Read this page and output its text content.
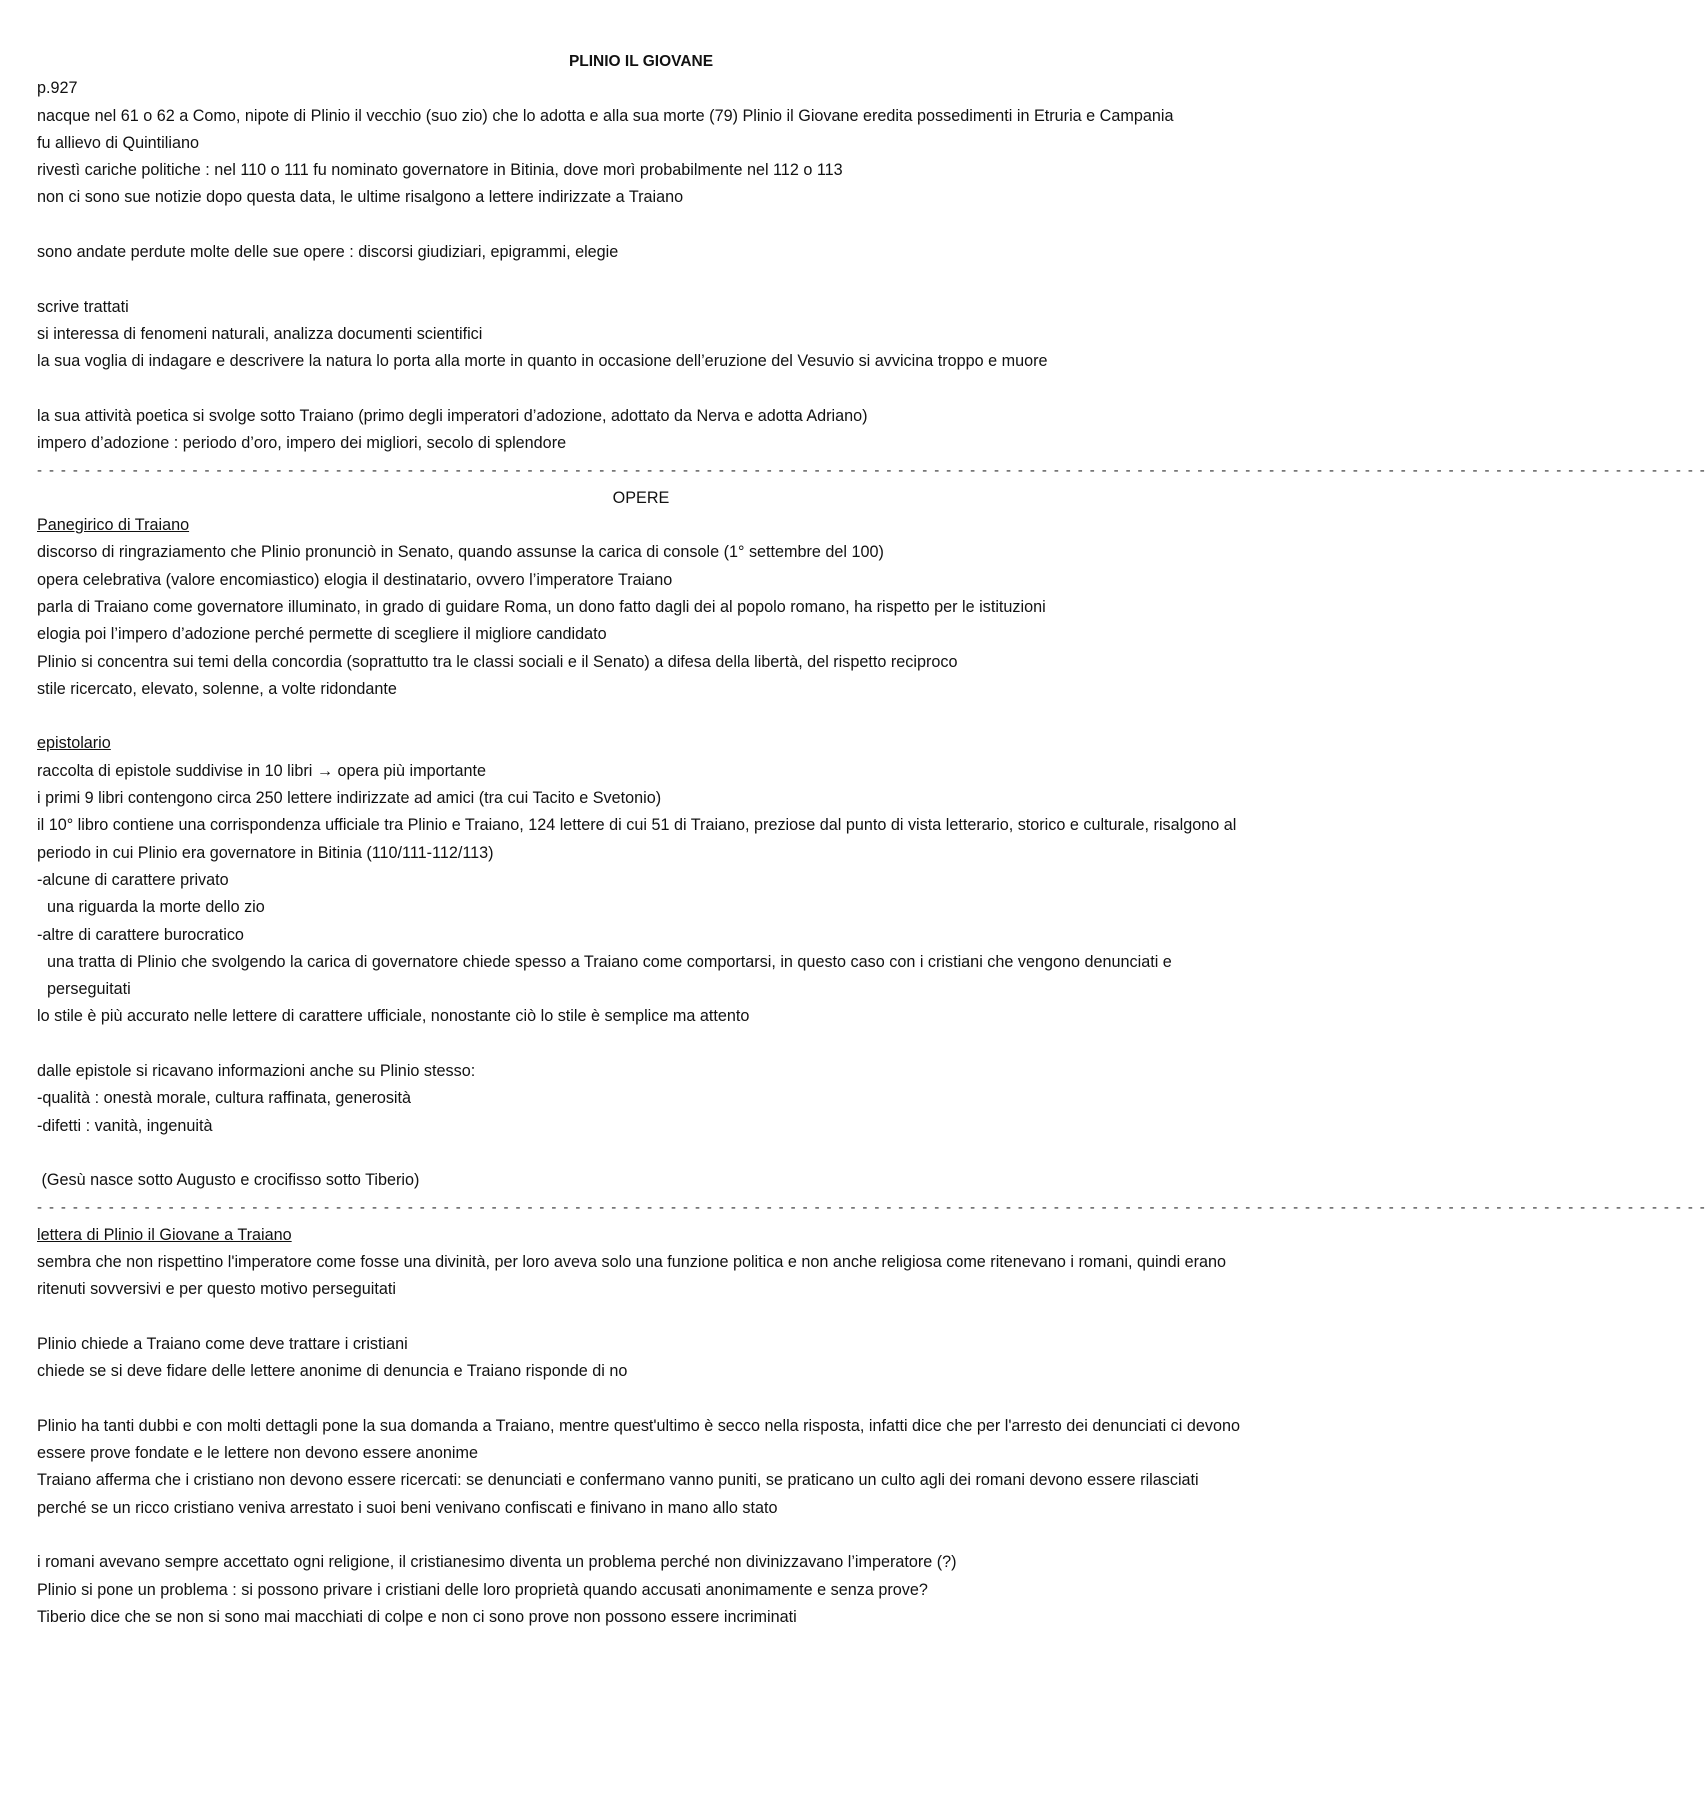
PLINIO IL GIOVANE

p.927

nacque nel 61 o 62 a Como, nipote di Plinio il vecchio (suo zio) che lo adotta e alla sua morte (79) Plinio il Giovane eredita possedimenti in Etruria e Campania

fu allievo di Quintiliano

rivestì cariche politiche : nel 110 o 111 fu nominato governatore in Bitinia, dove morì probabilmente nel 112 o 113

non ci sono sue notizie dopo questa data, le ultime risalgono a lettere indirizzate a Traiano

sono andate perdute molte delle sue opere : discorsi giudiziari, epigrammi, elegie

scrive trattati

si interessa di fenomeni naturali, analizza documenti scientifici

la sua voglia di indagare e descrivere la natura lo porta alla morte in quanto in occasione dell’eruzione del Vesuvio si avvicina troppo e muore

la sua attività poetica si svolge sotto Traiano (primo degli imperatori d’adozione, adottato da Nerva e adotta Adriano)

impero d’adozione : periodo d’oro, impero dei migliori, secolo di splendore

- - - - - - - - - - - - - - - - - - - - - - - - - - - - - - - - - - - - - - - - - - - - - - - - - - - - - - - - - - - - - - - - - - - - - - - - - - - - - - - - - - - - - - - - - - - - - - - - - - - - - - - - - - - - - - - - - - - - - - - - - - - - - - - - - - - - - - - - - - - -

OPERE

Panegirico di Traiano

discorso di ringraziamento che Plinio pronunciò in Senato, quando assunse la carica di console (1° settembre del 100)

opera celebrativa (valore encomiastico) elogia il destinatario, ovvero l’imperatore Traiano

parla di Traiano come governatore illuminato, in grado di guidare Roma, un dono fatto dagli dei al popolo romano, ha rispetto per le istituzioni

elogia poi l’impero d’adozione perché permette di scegliere il migliore candidato

Plinio si concentra sui temi della concordia (soprattutto tra le classi sociali e il Senato) a difesa della libertà, del rispetto reciproco

stile ricercato, elevato, solenne, a volte ridondante

epistolario

raccolta di epistole suddivise in 10 libri → opera più importante

i primi 9 libri contengono circa 250 lettere indirizzate ad amici (tra cui Tacito e Svetonio)

il 10° libro contiene una corrispondenza ufficiale tra Plinio e Traiano, 124 lettere di cui 51 di Traiano, preziose dal punto di vista letterario, storico e culturale, risalgono al periodo in cui Plinio era governatore in Bitinia (110/111-112/113)

-alcune di carattere privato

una riguarda la morte dello zio

-altre di carattere burocratico

una tratta di Plinio che svolgendo la carica di governatore chiede spesso a Traiano come comportarsi, in questo caso con i cristiani che vengono denunciati e perseguitati

lo stile è più accurato nelle lettere di carattere ufficiale, nonostante ciò lo stile è semplice ma attento

dalle epistole si ricavano informazioni anche su Plinio stesso:

-qualità : onestà morale, cultura raffinata, generosità

-difetti : vanità, ingenuità

(Gesù nasce sotto Augusto e crocifisso sotto Tiberio)

- - - - - - - - - - - - - - - - - - - - - - - - - - - - - - - - - - - - - - - - - - - - - - - - - - - - - - - - - - - - - - - - - - - - - - - - - - - - - - - - - - - - - - - - - - - - - - - - - - - - - - - - - - - - - - - - - - - - - - - - - - - - - - - - - - - - - - - - - - - -

lettera di Plinio il Giovane a Traiano

sembra che non rispettino l'imperatore come fosse una divinità, per loro aveva solo una funzione politica e non anche religiosa come ritenevano i romani, quindi erano ritenuti sovversivi e per questo motivo perseguitati

Plinio chiede a Traiano come deve trattare i cristiani

chiede se si deve fidare delle lettere anonime di denuncia e Traiano risponde di no

Plinio ha tanti dubbi e con molti dettagli pone la sua domanda a Traiano, mentre quest'ultimo è secco nella risposta, infatti dice che per l'arresto dei denunciati ci devono essere prove fondate e le lettere non devono essere anonime

Traiano afferma che i cristiano non devono essere ricercati: se denunciati e confermano vanno puniti, se praticano un culto agli dei romani devono essere rilasciati

perché se un ricco cristiano veniva arrestato i suoi beni venivano confiscati e finivano in mano allo stato

i romani avevano sempre accettato ogni religione, il cristianesimo diventa un problema perché non divinizzavano l’imperatore (?)

Plinio si pone un problema : si possono privare i cristiani delle loro proprietà quando accusati anonimamente e senza prove?

Tiberio dice che se non si sono mai macchiati di colpe e non ci sono prove non possono essere incriminati
